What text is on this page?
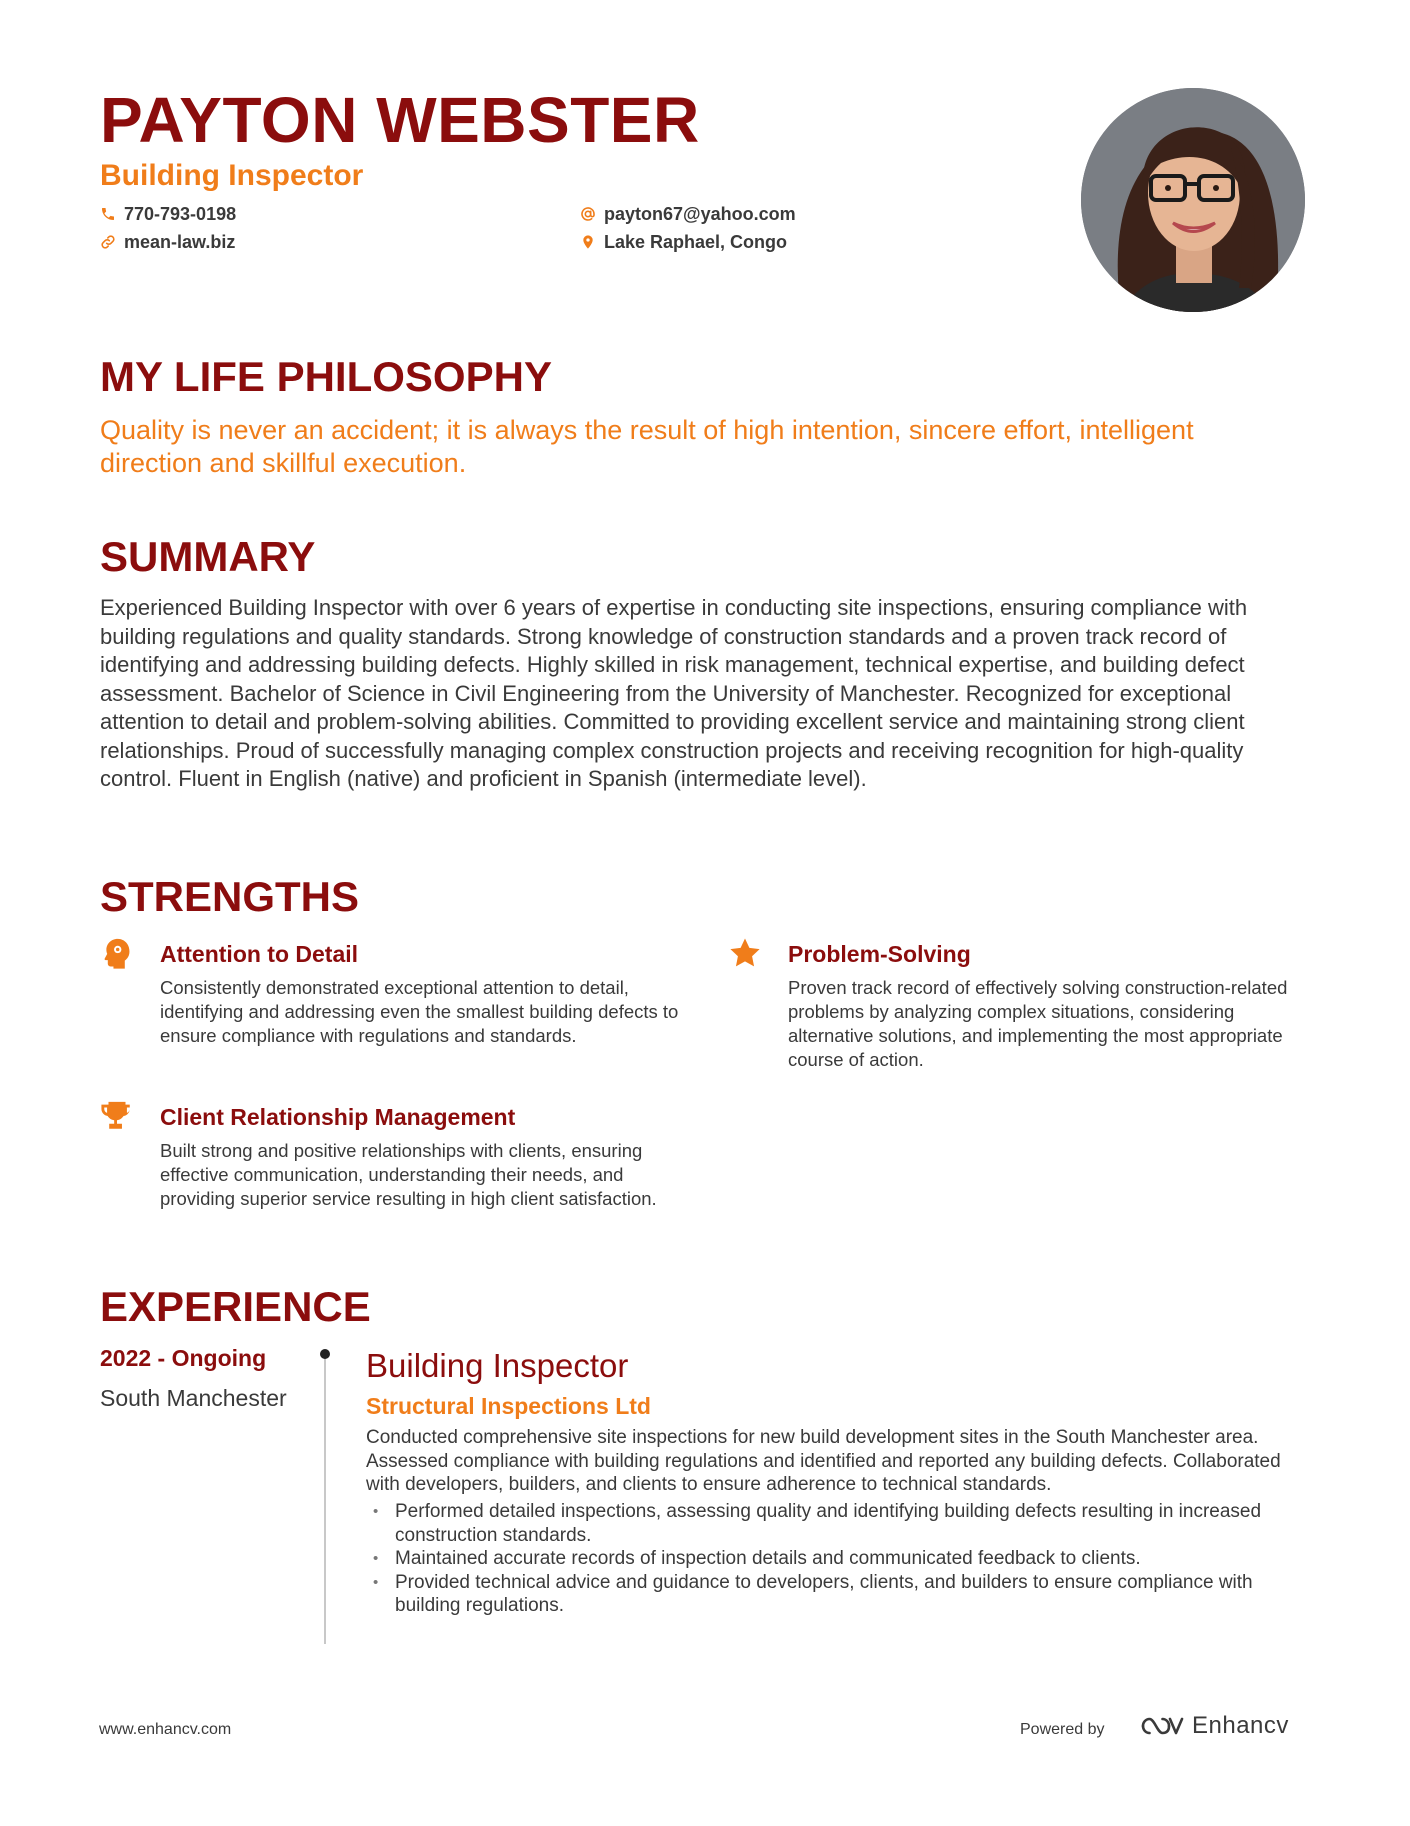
PAYTON WEBSTER
Building Inspector
770-793-0198
mean-law.biz
payton67@yahoo.com
Lake Raphael, Congo
MY LIFE PHILOSOPHY

Quality is never an accident; it is always the result of high intention, sincere effort, intelligent direction and skillful execution.

SUMMARY

Experienced Building Inspector with over 6 years of expertise in conducting site inspections, ensuring compliance with building regulations and quality standards. Strong knowledge of construction standards and a proven track record of identifying and addressing building defects. Highly skilled in risk management, technical expertise, and building defect assessment. Bachelor of Science in Civil Engineering from the University of Manchester. Recognized for exceptional attention to detail and problem-solving abilities. Committed to providing excellent service and maintaining strong client relationships. Proud of successfully managing complex construction projects and receiving recognition for high-quality control. Fluent in English (native) and proficient in Spanish (intermediate level).

STRENGTHS
Attention to Detail

Consistently demonstrated exceptional attention to detail, identifying and addressing even the smallest building defects to ensure compliance with regulations and standards.

Problem-Solving

Proven track record of effectively solving construction-related problems by analyzing complex situations, considering alternative solutions, and implementing the most appropriate course of action.

Client Relationship Management

Built strong and positive relationships with clients, ensuring effective communication, understanding their needs, and providing superior service resulting in high client satisfaction.

EXPERIENCE
2022 - Ongoing
South Manchester
Building Inspector
Structural Inspections Ltd

Conducted comprehensive site inspections for new build development sites in the South Manchester area. Assessed compliance with building regulations and identified and reported any building defects. Collaborated with developers, builders, and clients to ensure adherence to technical standards.

• Performed detailed inspections, assessing quality and identifying building defects resulting in increased construction standards.
• Maintained accurate records of inspection details and communicated feedback to clients.
• Provided technical advice and guidance to developers, clients, and builders to ensure compliance with building regulations.
www.enhancv.com	Powered by	Enhancv
